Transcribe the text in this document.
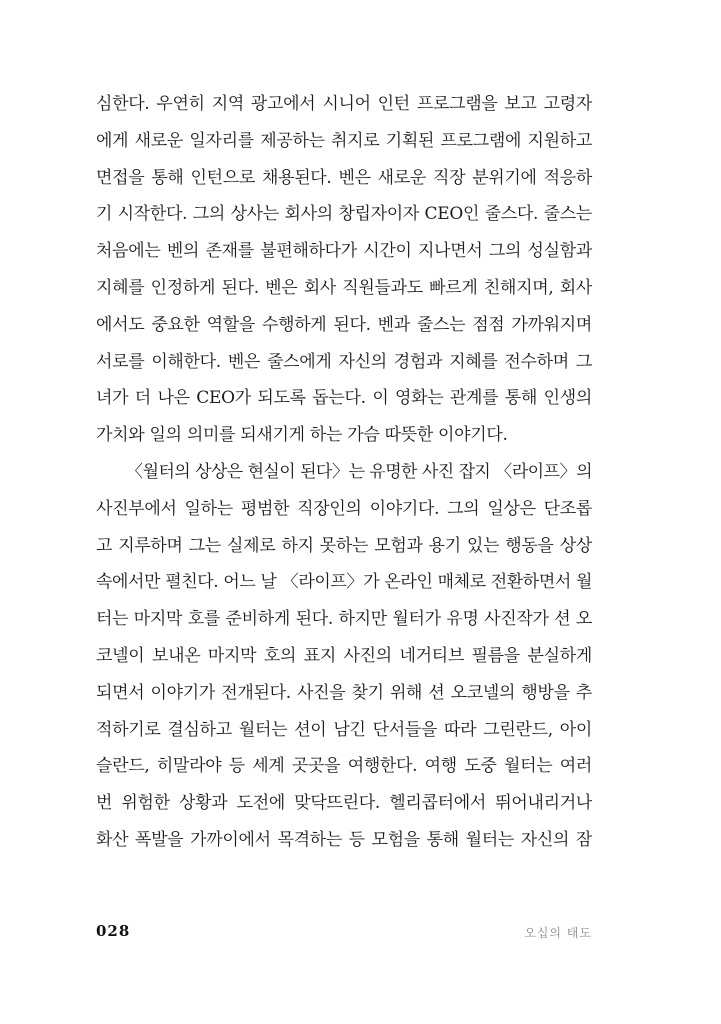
심한다. 우연히 지역 광고에서 시니어 인턴 프로그램을 보고 고령자
에게 새로운 일자리를 제공하는 취지로 기획된 프로그램에 지원하고
면접을 통해 인턴으로 채용된다. 벤은 새로운 직장 분위기에 적응하
기 시작한다. 그의 상사는 회사의 창립자이자 CEO인 줄스다. 줄스는
처음에는 벤의 존재를 불편해하다가 시간이 지나면서 그의 성실함과
지혜를 인정하게 된다. 벤은 회사 직원들과도 빠르게 친해지며, 회사
에서도 중요한 역할을 수행하게 된다. 벤과 줄스는 점점 가까워지며
서로를 이해한다. 벤은 줄스에게 자신의 경험과 지혜를 전수하며 그
녀가 더 나은 CEO가 되도록 돕는다. 이 영화는 관계를 통해 인생의
가치와 일의 의미를 되새기게 하는 가슴 따뜻한 이야기다.
〈월터의 상상은 현실이 된다〉는 유명한 사진 잡지 〈라이프〉의
사진부에서 일하는 평범한 직장인의 이야기다. 그의 일상은 단조롭
고 지루하며 그는 실제로 하지 못하는 모험과 용기 있는 행동을 상상
속에서만 펼친다. 어느 날 〈라이프〉가 온라인 매체로 전환하면서 월
터는 마지막 호를 준비하게 된다. 하지만 월터가 유명 사진작가 션 오
코넬이 보내온 마지막 호의 표지 사진의 네거티브 필름을 분실하게
되면서 이야기가 전개된다. 사진을 찾기 위해 션 오코넬의 행방을 추
적하기로 결심하고 월터는 션이 남긴 단서들을 따라 그린란드, 아이
슬란드, 히말라야 등 세계 곳곳을 여행한다. 여행 도중 월터는 여러
번 위험한 상황과 도전에 맞닥뜨린다. 헬리콥터에서 뛰어내리거나
화산 폭발을 가까이에서 목격하는 등 모험을 통해 월터는 자신의 잠
028	오십의 태도
